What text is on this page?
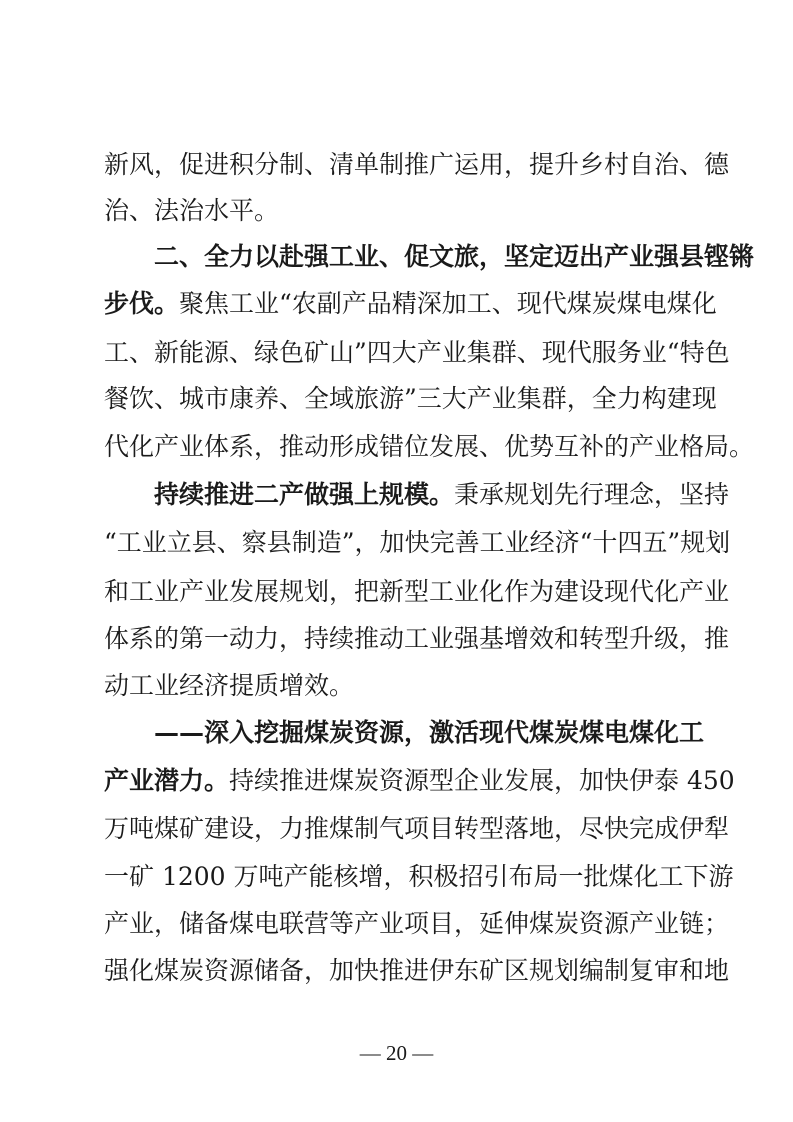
新风，促进积分制、清单制推广运用，提升乡村自治、德
治、法治水平。
二、全力以赴强工业、促文旅，坚定迈出产业强县铿锵
步伐。聚焦工业“农副产品精深加工、现代煤炭煤电煤化
工、新能源、绿色矿山”四大产业集群、现代服务业“特色
餐饮、城市康养、全域旅游”三大产业集群，全力构建现
代化产业体系，推动形成错位发展、优势互补的产业格局。
持续推进二产做强上规模。秉承规划先行理念，坚持
“工业立县、察县制造”，加快完善工业经济“十四五”规划
和工业产业发展规划，把新型工业化作为建设现代化产业
体系的第一动力，持续推动工业强基增效和转型升级，推
动工业经济提质增效。
——深入挖掘煤炭资源，激活现代煤炭煤电煤化工
产业潜力。持续推进煤炭资源型企业发展，加快伊泰 450
万吨煤矿建设，力推煤制气项目转型落地，尽快完成伊犁
一矿 1200 万吨产能核增，积极招引布局一批煤化工下游
产业，储备煤电联营等产业项目，延伸煤炭资源产业链；
强化煤炭资源储备，加快推进伊东矿区规划编制复审和地
— 20 —
